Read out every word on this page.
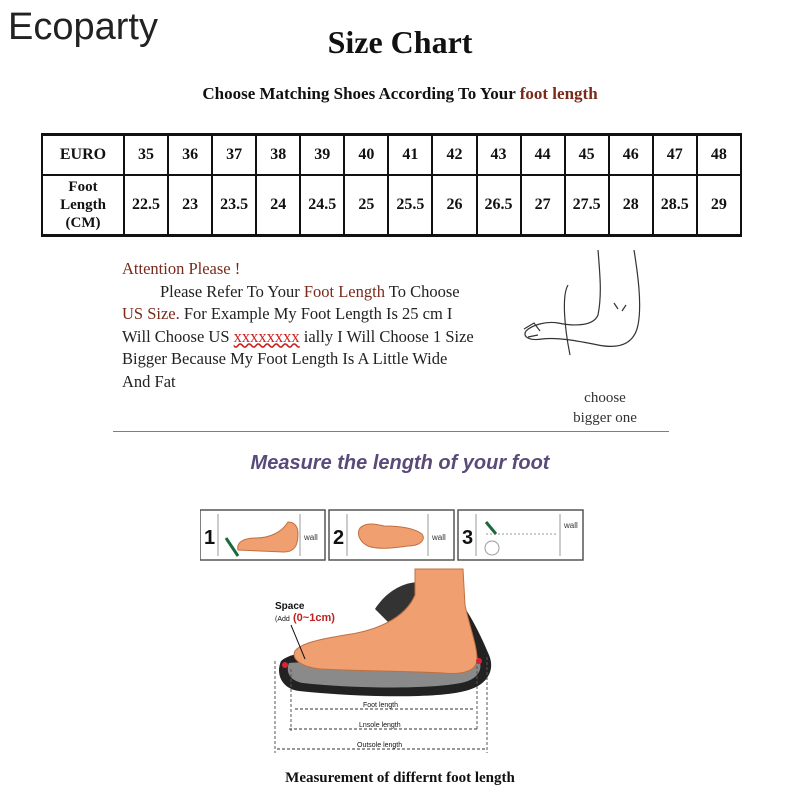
Ecoparty	Size Chart
Choose Matching Shoes According To Your foot length
EURO	35	36	37	38	39	40	41	42	43	44	45	46	47	48
Foot
Length
(CM)	22.5	23	23.5	24	24.5	25	25.5	26	26.5	27	27.5	28	28.5	29
Attention Please !
Please Refer To Your Foot Length To Choose
US Size. For Example My Foot Length Is 25 cm I
Will Choose US xxxxxxxx ially I Will Choose 1 Size
Bigger Because My Foot Length Is A Little Wide
And Fat
choose
bigger one
Measure the length of your foot
1	wall 2	wall 3
wall
Space
(Add (0~1cm)
Foot length
Lnsole length
Outsole length
Measurement of differnt foot length
